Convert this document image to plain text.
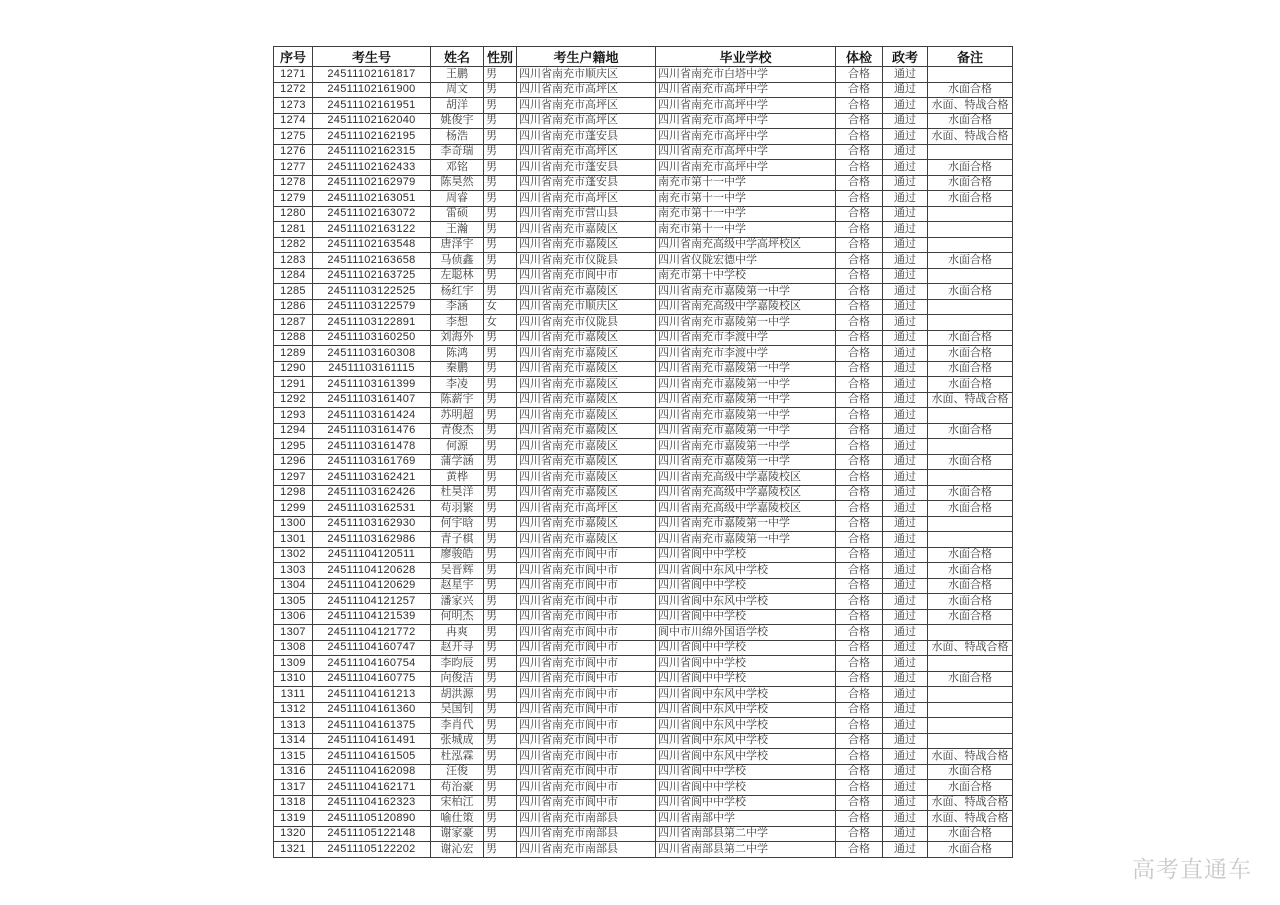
序号	考生号	姓名	性别	考生户籍地	毕业学校	体检	政考	备注
1271	24511102161817	王鹏	男	四川省南充市顺庆区	四川省南充市白塔中学	合格	通过	
1272	24511102161900	周文	男	四川省南充市高坪区	四川省南充市高坪中学	合格	通过	水面合格
1273	24511102161951	胡洋	男	四川省南充市高坪区	四川省南充市高坪中学	合格	通过	水面、特战合格
1274	24511102162040	姚俊宇	男	四川省南充市高坪区	四川省南充市高坪中学	合格	通过	水面合格
1275	24511102162195	杨浩	男	四川省南充市蓬安县	四川省南充市高坪中学	合格	通过	水面、特战合格
1276	24511102162315	李奇瑞	男	四川省南充市高坪区	四川省南充市高坪中学	合格	通过	
1277	24511102162433	邓铭	男	四川省南充市蓬安县	四川省南充市高坪中学	合格	通过	水面合格
1278	24511102162979	陈昊然	男	四川省南充市蓬安县	南充市第十一中学	合格	通过	水面合格
1279	24511102163051	周睿	男	四川省南充市高坪区	南充市第十一中学	合格	通过	水面合格
1280	24511102163072	雷硕	男	四川省南充市营山县	南充市第十一中学	合格	通过	
1281	24511102163122	王瀚	男	四川省南充市嘉陵区	南充市第十一中学	合格	通过	
1282	24511102163548	唐泽宇	男	四川省南充市嘉陵区	四川省南充高级中学高坪校区	合格	通过	
1283	24511102163658	马侦鑫	男	四川省南充市仪陇县	四川省仪陇宏德中学	合格	通过	水面合格
1284	24511102163725	左聪林	男	四川省南充市阆中市	南充市第十中学校	合格	通过	
1285	24511103122525	杨红宇	男	四川省南充市嘉陵区	四川省南充市嘉陵第一中学	合格	通过	水面合格
1286	24511103122579	李涵	女	四川省南充市顺庆区	四川省南充高级中学嘉陵校区	合格	通过	
1287	24511103122891	李想	女	四川省南充市仪陇县	四川省南充市嘉陵第一中学	合格	通过	
1288	24511103160250	刘海外	男	四川省南充市嘉陵区	四川省南充市李渡中学	合格	通过	水面合格
1289	24511103160308	陈鸿	男	四川省南充市嘉陵区	四川省南充市李渡中学	合格	通过	水面合格
1290	24511103161115	秦鹏	男	四川省南充市嘉陵区	四川省南充市嘉陵第一中学	合格	通过	水面合格
1291	24511103161399	李凌	男	四川省南充市嘉陵区	四川省南充市嘉陵第一中学	合格	通过	水面合格
1292	24511103161407	陈薪宇	男	四川省南充市嘉陵区	四川省南充市嘉陵第一中学	合格	通过	水面、特战合格
1293	24511103161424	苏明超	男	四川省南充市嘉陵区	四川省南充市嘉陵第一中学	合格	通过	
1294	24511103161476	青俊杰	男	四川省南充市嘉陵区	四川省南充市嘉陵第一中学	合格	通过	水面合格
1295	24511103161478	何源	男	四川省南充市嘉陵区	四川省南充市嘉陵第一中学	合格	通过	
1296	24511103161769	蒲学涵	男	四川省南充市嘉陵区	四川省南充市嘉陵第一中学	合格	通过	水面合格
1297	24511103162421	黄桦	男	四川省南充市嘉陵区	四川省南充高级中学嘉陵校区	合格	通过	
1298	24511103162426	杜昊洋	男	四川省南充市嘉陵区	四川省南充高级中学嘉陵校区	合格	通过	水面合格
1299	24511103162531	苟羽繁	男	四川省南充市高坪区	四川省南充高级中学嘉陵校区	合格	通过	水面合格
1300	24511103162930	何宇晗	男	四川省南充市嘉陵区	四川省南充市嘉陵第一中学	合格	通过	
1301	24511103162986	青子棋	男	四川省南充市嘉陵区	四川省南充市嘉陵第一中学	合格	通过	
1302	24511104120511	廖骏皓	男	四川省南充市阆中市	四川省阆中中学校	合格	通过	水面合格
1303	24511104120628	吴晋辉	男	四川省南充市阆中市	四川省阆中东风中学校	合格	通过	水面合格
1304	24511104120629	赵星宇	男	四川省南充市阆中市	四川省阆中中学校	合格	通过	水面合格
1305	24511104121257	潘家兴	男	四川省南充市阆中市	四川省阆中东风中学校	合格	通过	水面合格
1306	24511104121539	何明杰	男	四川省南充市阆中市	四川省阆中中学校	合格	通过	水面合格
1307	24511104121772	冉爽	男	四川省南充市阆中市	阆中市川绵外国语学校	合格	通过	
1308	24511104160747	赵开寻	男	四川省南充市阆中市	四川省阆中中学校	合格	通过	水面、特战合格
1309	24511104160754	李昀辰	男	四川省南充市阆中市	四川省阆中中学校	合格	通过	
1310	24511104160775	向俊洁	男	四川省南充市阆中市	四川省阆中中学校	合格	通过	水面合格
1311	24511104161213	胡洪源	男	四川省南充市阆中市	四川省阆中东风中学校	合格	通过	
1312	24511104161360	吴国钊	男	四川省南充市阆中市	四川省阆中东风中学校	合格	通过	
1313	24511104161375	李肖代	男	四川省南充市阆中市	四川省阆中东风中学校	合格	通过	
1314	24511104161491	张城成	男	四川省南充市阆中市	四川省阆中东风中学校	合格	通过	
1315	24511104161505	杜泓霖	男	四川省南充市阆中市	四川省阆中东风中学校	合格	通过	水面、特战合格
1316	24511104162098	汪俊	男	四川省南充市阆中市	四川省阆中中学校	合格	通过	水面合格
1317	24511104162171	苟治豪	男	四川省南充市阆中市	四川省阆中中学校	合格	通过	水面合格
1318	24511104162323	宋柏江	男	四川省南充市阆中市	四川省阆中中学校	合格	通过	水面、特战合格
1319	24511105120890	喻仕策	男	四川省南充市南部县	四川省南部中学	合格	通过	水面、特战合格
1320	24511105122148	谢家豪	男	四川省南充市南部县	四川省南部县第二中学	合格	通过	水面合格
1321	24511105122202	谢沁宏	男	四川省南充市南部县	四川省南部县第二中学	合格	通过	水面合格
高考直通车
